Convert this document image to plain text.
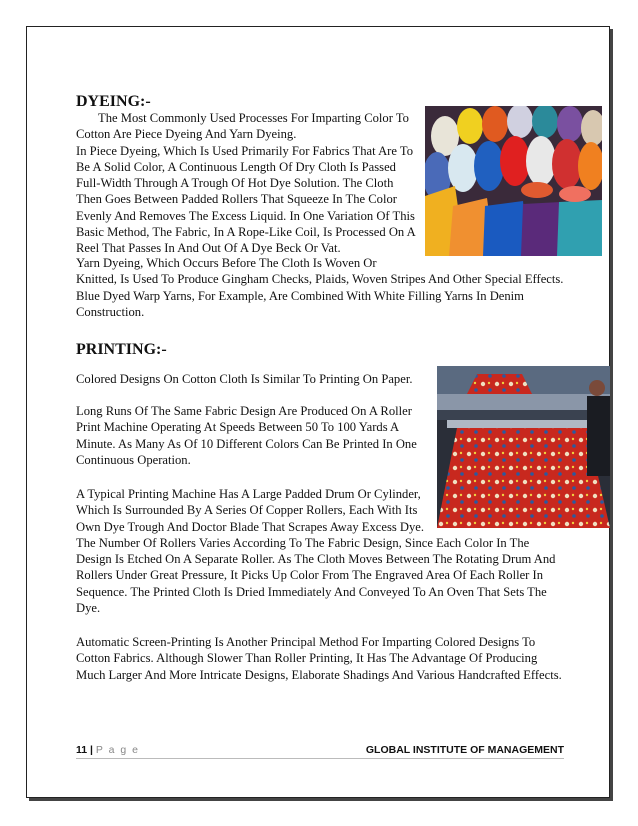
DYEING:-

The Most Commonly Used Processes For Imparting Color To
Cotton Are Piece Dyeing And Yarn Dyeing.
In Piece Dyeing, Which Is Used Primarily For Fabrics That Are To
Be A Solid Color, A Continuous Length Of Dry Cloth Is Passed
Full-Width Through A Trough Of Hot Dye Solution. The Cloth
Then Goes Between Padded Rollers That Squeeze In The Color
Evenly And Removes The Excess Liquid. In One Variation Of This
Basic Method, The Fabric, In A Rope-Like Coil, Is Processed On A
Reel That Passes In And Out Of A Dye Beck Or Vat.

Yarn Dyeing, Which Occurs Before The Cloth Is Woven Or
Knitted, Is Used To Produce Gingham Checks, Plaids, Woven Stripes And Other Special Effects.
Blue Dyed Warp Yarns, For Example, Are Combined With White Filling Yarns In Denim
Construction.

PRINTING:-

Colored Designs On Cotton Cloth Is Similar To Printing On Paper.

Long Runs Of The Same Fabric Design Are Produced On A Roller
Print Machine Operating At Speeds Between 50 To 100 Yards A
Minute. As Many As Of 10 Different Colors Can Be Printed In One
Continuous Operation.

A Typical Printing Machine Has A Large Padded Drum Or Cylinder,
Which Is Surrounded By A Series Of Copper Rollers, Each With Its
Own Dye Trough And Doctor Blade That Scrapes Away Excess Dye.
The Number Of Rollers Varies According To The Fabric Design, Since Each Color In The
Design Is Etched On A Separate Roller. As The Cloth Moves Between The Rotating Drum And
Rollers Under Great Pressure, It Picks Up Color From The Engraved Area Of Each Roller In
Sequence. The Printed Cloth Is Dried Immediately And Conveyed To An Oven That Sets The
Dye.

Automatic Screen-Printing Is Another Principal Method For Imparting Colored Designs To
Cotton Fabrics. Although Slower Than Roller Printing, It Has The Advantage Of Producing
Much Larger And More Intricate Designs, Elaborate Shadings And Various Handcrafted Effects.

11 | P a g e	GLOBAL INSTITUTE OF MANAGEMENT
